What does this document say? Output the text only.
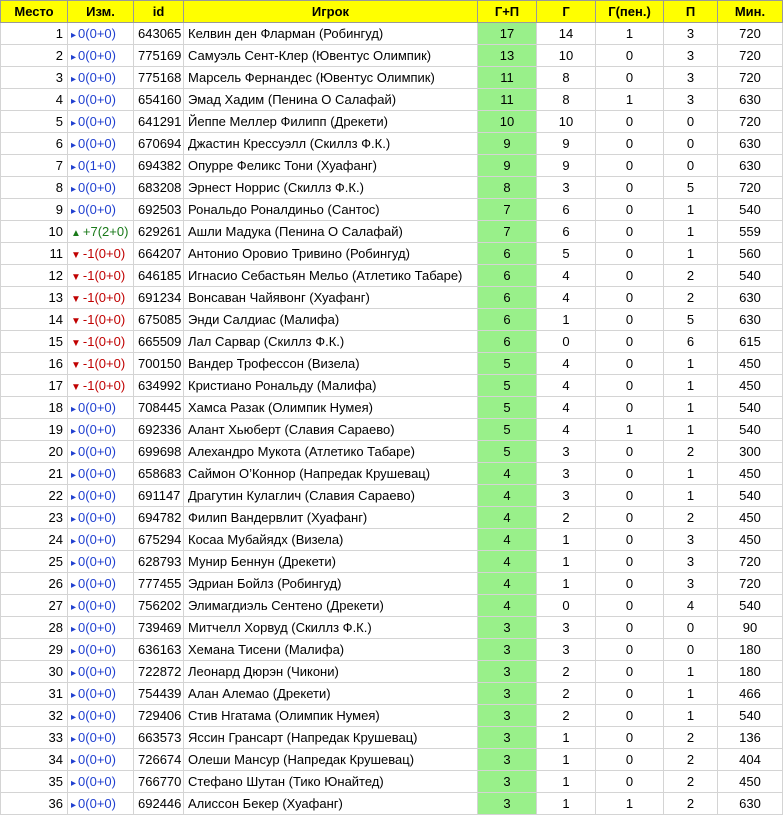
Место	Изм.	id	Игрок	Г+П	Г	Г(пен.)	П	Мин.
1	▸ 0(0+0)	643065	Келвин ден Фларман (Робингуд)	17	14	1	3	720
2	▸ 0(0+0)	775169	Самуэль Сент-Клер (Ювентус Олимпик)	13	10	0	3	720
3	▸ 0(0+0)	775168	Марсель Фернандес (Ювентус Олимпик)	11	8	0	3	720
4	▸ 0(0+0)	654160	Эмад Хадим (Пенина О Салафай)	11	8	1	3	630
5	▸ 0(0+0)	641291	Йеппе Меллер Филипп (Дрекети)	10	10	0	0	720
6	▸ 0(0+0)	670694	Джастин Крессуэлл (Скиллз Ф.К.)	9	9	0	0	630
7	▸ 0(1+0)	694382	Опурре Феликс Тони (Хуафанг)	9	9	0	0	630
8	▸ 0(0+0)	683208	Эрнест Норрис (Скиллз Ф.К.)	8	3	0	5	720
9	▸ 0(0+0)	692503	Рональдо Роналдиньо (Сантос)	7	6	0	1	540
10	▲ +7(2+0)	629261	Ашли Мадука (Пенина О Салафай)	7	6	0	1	559
11	▼ -1(0+0)	664207	Антонио Оровио Тривино (Робингуд)	6	5	0	1	560
12	▼ -1(0+0)	646185	Игнасио Себастьян Мельо (Атлетико Табаре)	6	4	0	2	540
13	▼ -1(0+0)	691234	Вонсаван Чайявонг (Хуафанг)	6	4	0	2	630
14	▼ -1(0+0)	675085	Энди Салдиас (Малифа)	6	1	0	5	630
15	▼ -1(0+0)	665509	Лал Сарвар (Скиллз Ф.К.)	6	0	0	6	615
16	▼ -1(0+0)	700150	Вандер Трофессон (Визела)	5	4	0	1	450
17	▼ -1(0+0)	634992	Кристиано Рональду (Малифа)	5	4	0	1	450
18	▸ 0(0+0)	708445	Хамса Разак (Олимпик Нумея)	5	4	0	1	540
19	▸ 0(0+0)	692336	Алант Хьюберт (Славия Сараево)	5	4	1	1	540
20	▸ 0(0+0)	699698	Алехандро Мукота (Атлетико Табаре)	5	3	0	2	300
21	▸ 0(0+0)	658683	Саймон О’Коннор (Напредак Крушевац)	4	3	0	1	450
22	▸ 0(0+0)	691147	Драгутин Кулаглич (Славия Сараево)	4	3	0	1	540
23	▸ 0(0+0)	694782	Филип Вандервлит (Хуафанг)	4	2	0	2	450
24	▸ 0(0+0)	675294	Косаа Мубайядх (Визела)	4	1	0	3	450
25	▸ 0(0+0)	628793	Мунир Беннун (Дрекети)	4	1	0	3	720
26	▸ 0(0+0)	777455	Эдриан Бойлз (Робингуд)	4	1	0	3	720
27	▸ 0(0+0)	756202	Элимагдиэль Сентено (Дрекети)	4	0	0	4	540
28	▸ 0(0+0)	739469	Митчелл Хорвуд (Скиллз Ф.К.)	3	3	0	0	90
29	▸ 0(0+0)	636163	Хемана Тисени (Малифа)	3	3	0	0	180
30	▸ 0(0+0)	722872	Леонард Дюрэн (Чикони)	3	2	0	1	180
31	▸ 0(0+0)	754439	Алан Алемао (Дрекети)	3	2	0	1	466
32	▸ 0(0+0)	729406	Стив Нгатама (Олимпик Нумея)	3	2	0	1	540
33	▸ 0(0+0)	663573	Яссин Грансарт (Напредак Крушевац)	3	1	0	2	136
34	▸ 0(0+0)	726674	Олеши Мансур (Напредак Крушевац)	3	1	0	2	404
35	▸ 0(0+0)	766770	Стефано Шутан (Тико Юнайтед)	3	1	0	2	450
36	▸ 0(0+0)	692446	Алиссон Бекер (Хуафанг)	3	1	1	2	630
